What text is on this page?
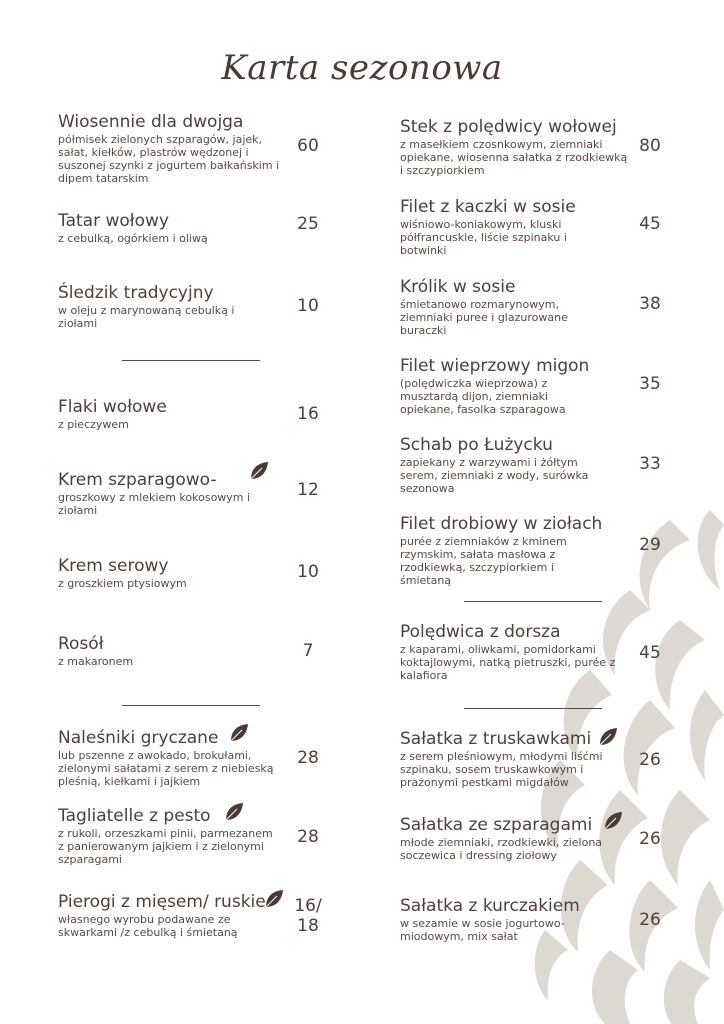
Karta sezonowa
Wiosennie dla dwojga
półmisek zielonych szparagów, jajek, sałat, kiełków, plastrów wędzonej i suszonej szynki z jogurtem bałkańskim i dipem tatarskim
60
Tatar wołowy
z cebulką, ogórkiem i oliwą
25
Śledzik tradycyjny
w oleju z marynowaną cebulką i ziołami
10
Flaki wołowe
z pieczywem
16
Krem szparagowo-
groszkowy z mlekiem kokosowym i ziołami
12
Krem serowy
z groszkiem ptysiowym
10
Rosół
z makaronem
7
Naleśniki gryczane
lub pszenne z awokado, brokułami, zielonymi sałatami z serem z niebieską pleśnią, kiełkami i jajkiem
28
Tagliatelle z pesto
z rukoli, orzeszkami pinii, parmezanem z panierowanym jajkiem i z zielonymi szparagami
28
Pierogi z mięsem/ ruskie
własnego wyrobu podawane ze skwarkami /z cebulką i śmietaną
16/ 18
Stek z polędwicy wołowej
z masełkiem czosnkowym, ziemniaki opiekane, wiosenna sałatka z rzodkiewką i szczypiorkiem
80
Filet z kaczki w sosie
wiśniowo-koniakowym, kluski półfrancuskie, liście szpinaku i botwinki
45
Królik w sosie
śmietanowo rozmarynowym, ziemniaki puree i glazurowane buraczki
38
Filet wieprzowy migon
(polędwiczka wieprzowa) z musztardą dijon, ziemniaki opiekane, fasolka szparagowa
35
Schab po Łużycku
zapiekany z warzywami i żółtym serem, ziemniaki z wody, surówka sezonowa
33
Filet drobiowy w ziołach
purée z ziemniaków z kminem rzymskim, sałata masłowa z rzodkiewką, szczypiorkiem i śmietaną
29
Polędwica z dorsza
z kaparami, oliwkami, pomidorkami koktajlowymi, natką pietruszki, purée z kalafiora
45
Sałatka z truskawkami
z serem pleśniowym, młodymi liśćmi szpinaku, sosem truskawkowym i prażonymi pestkami migdałów
26
Sałatka ze szparagami
młode ziemniaki, rzodkiewki, zielona soczewica i dressing ziołowy
26
Sałatka z kurczakiem
w sezamie w sosie jogurtowo-miodowym, mix sałat
26
